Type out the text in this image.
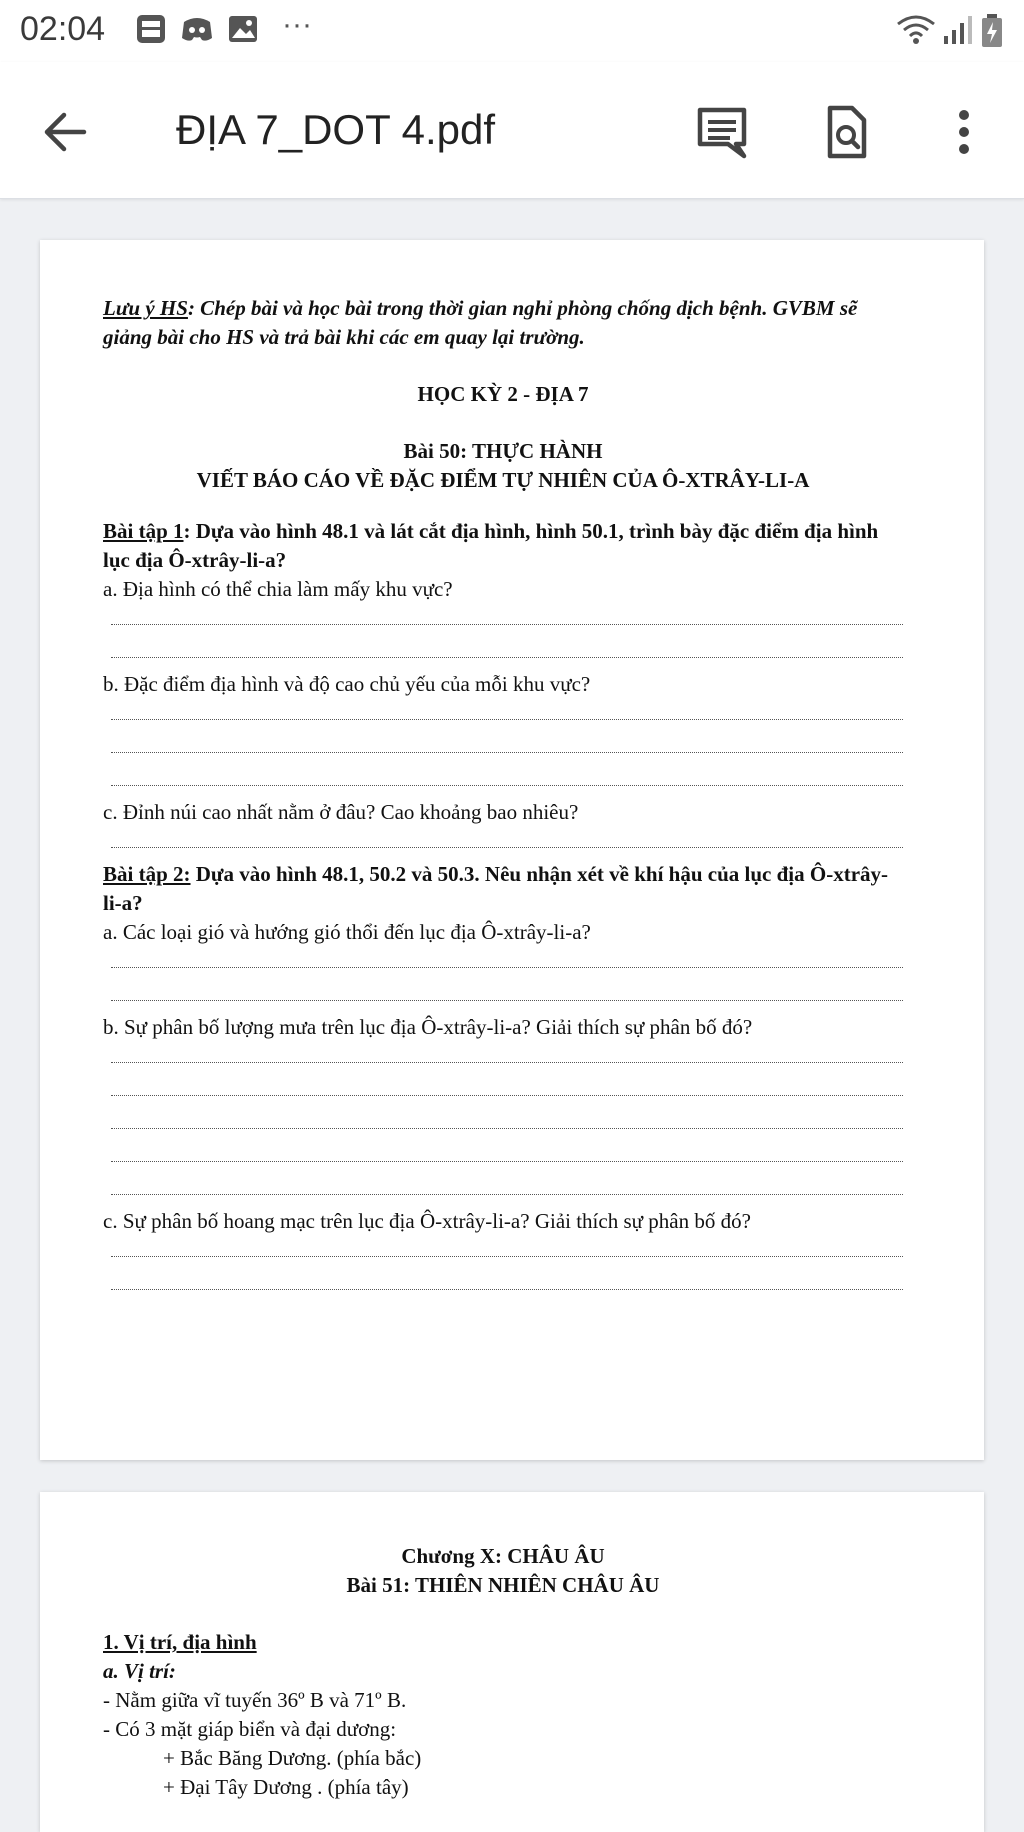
02:04	···
ĐỊA 7_DOT 4.pdf

Lưu ý HS: Chép bài và học bài trong thời gian nghỉ phòng chống dịch bệnh. GVBM sẽ giảng bài cho HS và trả bài khi các em quay lại trường.

HỌC KỲ 2 - ĐỊA 7

Bài 50: THỰC HÀNH

VIẾT BÁO CÁO VỀ ĐẶC ĐIỂM TỰ NHIÊN CỦA Ô-XTRÂY-LI-A

Bài tập 1: Dựa vào hình 48.1 và lát cắt địa hình, hình 50.1, trình bày đặc điểm địa hình lục địa Ô-xtrây-li-a?

a. Địa hình có thể chia làm mấy khu vực?

b. Đặc điểm địa hình và độ cao chủ yếu của mỗi khu vực?

c. Đỉnh núi cao nhất nằm ở đâu? Cao khoảng bao nhiêu?

Bài tập 2: Dựa vào hình 48.1, 50.2 và 50.3. Nêu nhận xét về khí hậu của lục địa Ô-xtrây-li-a?

a. Các loại gió và hướng gió thổi đến lục địa Ô-xtrây-li-a?

b. Sự phân bố lượng mưa trên lục địa Ô-xtrây-li-a? Giải thích sự phân bố đó?

c. Sự phân bố hoang mạc trên lục địa Ô-xtrây-li-a? Giải thích sự phân bố đó?

Chương X: CHÂU ÂU

Bài 51: THIÊN NHIÊN CHÂU ÂU

1. Vị trí, địa hình

a. Vị trí:

- Nằm giữa vĩ tuyến 36º B và 71º B.

- Có 3 mặt giáp biển và đại dương:

+ Bắc Băng Dương. (phía bắc)

+ Đại Tây Dương . (phía tây)
